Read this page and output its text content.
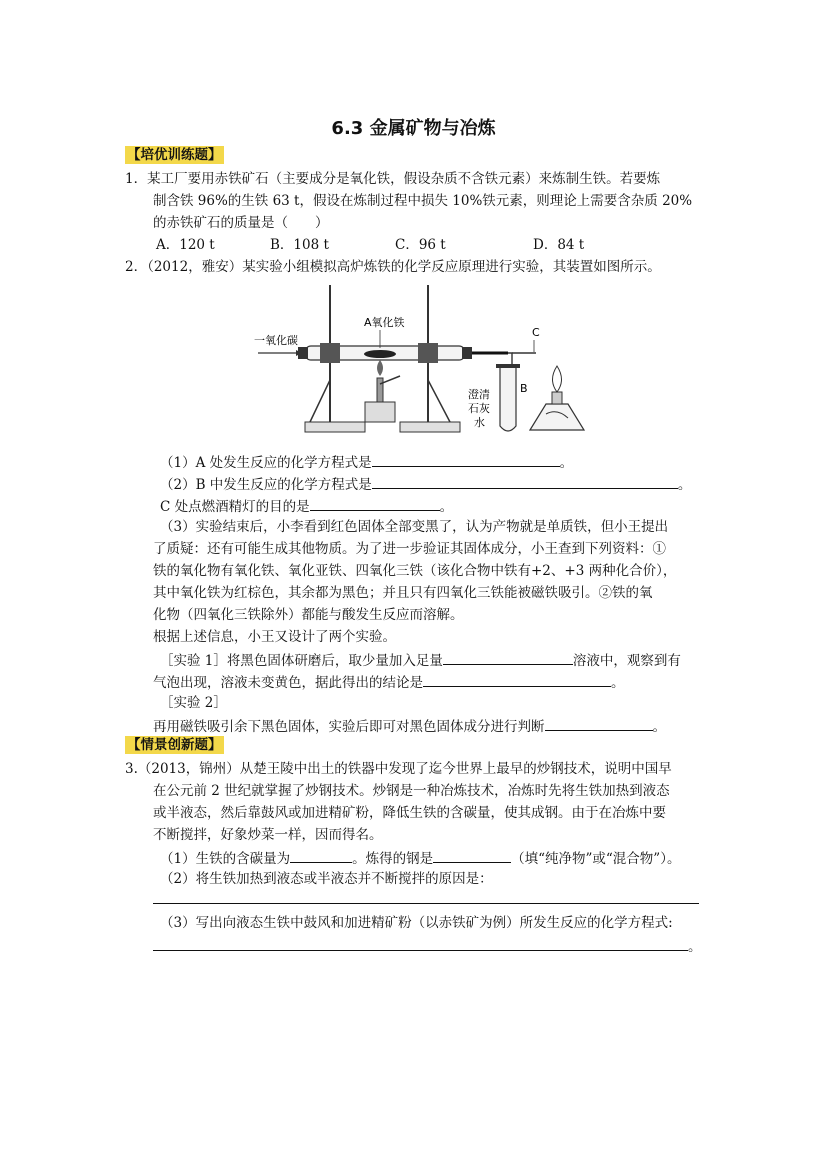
6.3 金属矿物与冶炼
【培优训练题】
1．某工厂要用赤铁矿石（主要成分是氧化铁，假设杂质不含铁元素）来炼制生铁。若要炼
制含铁 96%的生铁 63 t，假设在炼制过程中损失 10%铁元素，则理论上需要含杂质 20%
的赤铁矿石的质量是（　　）
A．120 t	B．108 t	C．96 t	D．84 t
2．（2012，雅安）某实验小组模拟高炉炼铁的化学反应原理进行实验，其装置如图所示。
一氧化碳
A氧化铁
C
B
澄清
石灰
水
（1）A 处发生反应的化学方程式是	。
（2）B 中发生反应的化学方程式是	。
C 处点燃酒精灯的目的是	。
（3）实验结束后，小李看到红色固体全部变黑了，认为产物就是单质铁，但小王提出
了质疑：还有可能生成其他物质。为了进一步验证其固体成分，小王查到下列资料：①
铁的氧化物有氧化铁、氧化亚铁、四氧化三铁（该化合物中铁有+2、+3 两种化合价），
其中氧化铁为红棕色，其余都为黑色；并且只有四氧化三铁能被磁铁吸引。②铁的氧
化物（四氧化三铁除外）都能与酸发生反应而溶解。
根据上述信息，小王又设计了两个实验。
［实验 1］将黑色固体研磨后，取少量加入足量	溶液中，观察到有
气泡出现，溶液未变黄色，据此得出的结论是	。
［实验 2］
再用磁铁吸引余下黑色固体，实验后即可对黑色固体成分进行判断	。
【情景创新题】
3.（2013，锦州）从楚王陵中出土的铁器中发现了迄今世界上最早的炒钢技术，说明中国早
在公元前 2 世纪就掌握了炒钢技术。炒钢是一种冶炼技术，冶炼时先将生铁加热到液态
或半液态，然后靠鼓风或加进精矿粉，降低生铁的含碳量，使其成钢。由于在冶炼中要
不断搅拌，好象炒菜一样，因而得名。
（1）生铁的含碳量为	。炼得的钢是	（填“纯净物”或“混合物”）。
（2）将生铁加热到液态或半液态并不断搅拌的原因是：
（3）写出向液态生铁中鼓风和加进精矿粉（以赤铁矿为例）所发生反应的化学方程式:
。
